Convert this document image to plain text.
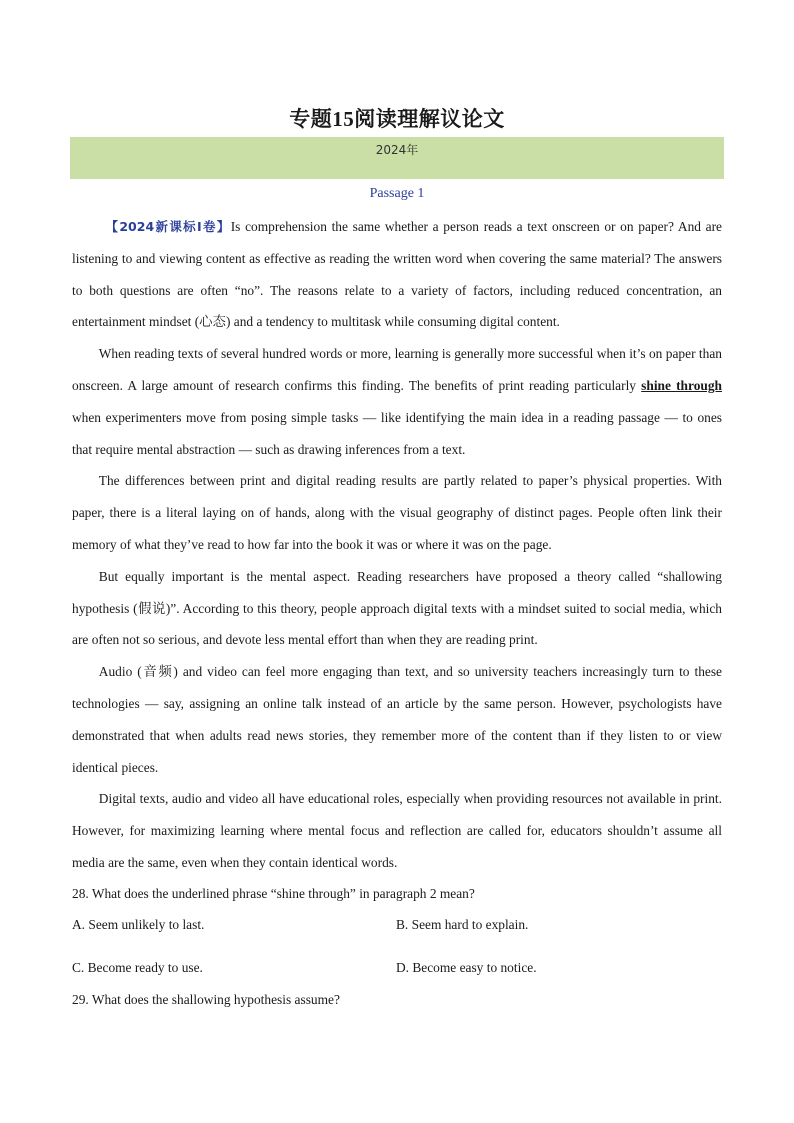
专题15阅读理解议论文
2024年
Passage 1

【2024新课标Ⅰ卷】Is comprehension the same whether a person reads a text onscreen or on paper? And are listening to and viewing content as effective as reading the written word when covering the same material? The answers to both questions are often “no”. The reasons relate to a variety of factors, including reduced concentration, an entertainment mindset (心态) and a tendency to multitask while consuming digital content.

When reading texts of several hundred words or more, learning is generally more successful when it’s on paper than onscreen. A large amount of research confirms this finding. The benefits of print reading particularly shine through when experimenters move from posing simple tasks — like identifying the main idea in a reading passage — to ones that require mental abstraction — such as drawing inferences from a text.

The differences between print and digital reading results are partly related to paper’s physical properties. With paper, there is a literal laying on of hands, along with the visual geography of distinct pages. People often link their memory of what they’ve read to how far into the book it was or where it was on the page.

But equally important is the mental aspect. Reading researchers have proposed a theory called “shallowing hypothesis (假说)”. According to this theory, people approach digital texts with a mindset suited to social media, which are often not so serious, and devote less mental effort than when they are reading print.

Audio (音频) and video can feel more engaging than text, and so university teachers increasingly turn to these technologies — say, assigning an online talk instead of an article by the same person. However, psychologists have demonstrated that when adults read news stories, they remember more of the content than if they listen to or view identical pieces.

Digital texts, audio and video all have educational roles, especially when providing resources not available in print. However, for maximizing learning where mental focus and reflection are called for, educators shouldn’t assume all media are the same, even when they contain identical words.

28. What does the underlined phrase “shine through” in paragraph 2 mean?
A. Seem unlikely to last.	B. Seem hard to explain.
C. Become ready to use.	D. Become easy to notice.
29. What does the shallowing hypothesis assume?
